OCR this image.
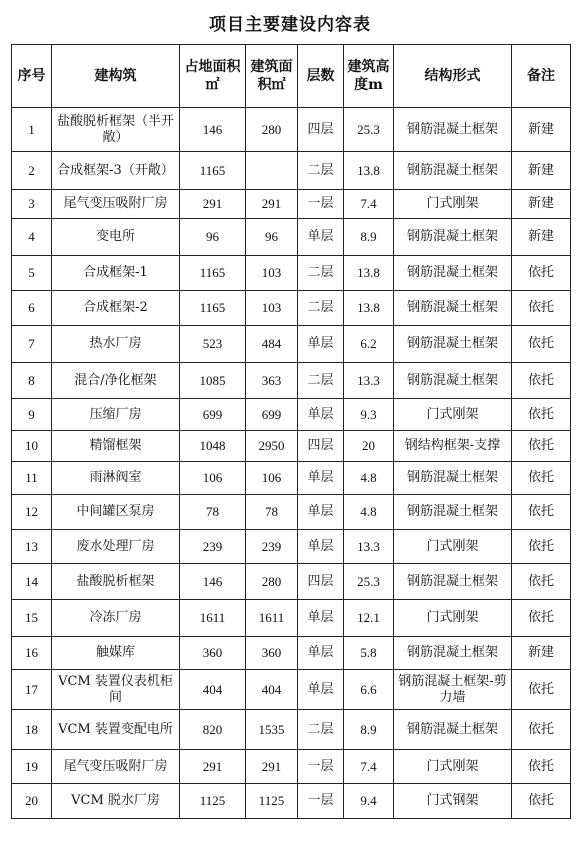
项目主要建设内容表
序号	建构筑	占地面积㎡	建筑面积㎡	层数	建筑高度m	结构形式	备注
1	盐酸脱析框架（半开敞）	146	280	四层	25.3	钢筋混凝土框架	新建
2	合成框架-3（开敞）	1165		二层	13.8	钢筋混凝土框架	新建
3	尾气变压吸附厂房	291	291	一层	7.4	门式刚架	新建
4	变电所	96	96	单层	8.9	钢筋混凝土框架	新建
5	合成框架-1	1165	103	二层	13.8	钢筋混凝土框架	依托
6	合成框架-2	1165	103	二层	13.8	钢筋混凝土框架	依托
7	热水厂房	523	484	单层	6.2	钢筋混凝土框架	依托
8	混合/净化框架	1085	363	二层	13.3	钢筋混凝土框架	依托
9	压缩厂房	699	699	单层	9.3	门式刚架	依托
10	精馏框架	1048	2950	四层	20	钢结构框架-支撑	依托
11	雨淋阀室	106	106	单层	4.8	钢筋混凝土框架	依托
12	中间罐区泵房	78	78	单层	4.8	钢筋混凝土框架	依托
13	废水处理厂房	239	239	单层	13.3	门式刚架	依托
14	盐酸脱析框架	146	280	四层	25.3	钢筋混凝土框架	依托
15	冷冻厂房	1611	1611	单层	12.1	门式刚架	依托
16	触媒库	360	360	单层	5.8	钢筋混凝土框架	新建
17	VCM 装置仪表机柜间	404	404	单层	6.6	钢筋混凝土框架-剪力墙	依托
18	VCM 装置变配电所	820	1535	二层	8.9	钢筋混凝土框架	依托
19	尾气变压吸附厂房	291	291	一层	7.4	门式刚架	依托
20	VCM 脱水厂房	1125	1125	一层	9.4	门式钢架	依托
